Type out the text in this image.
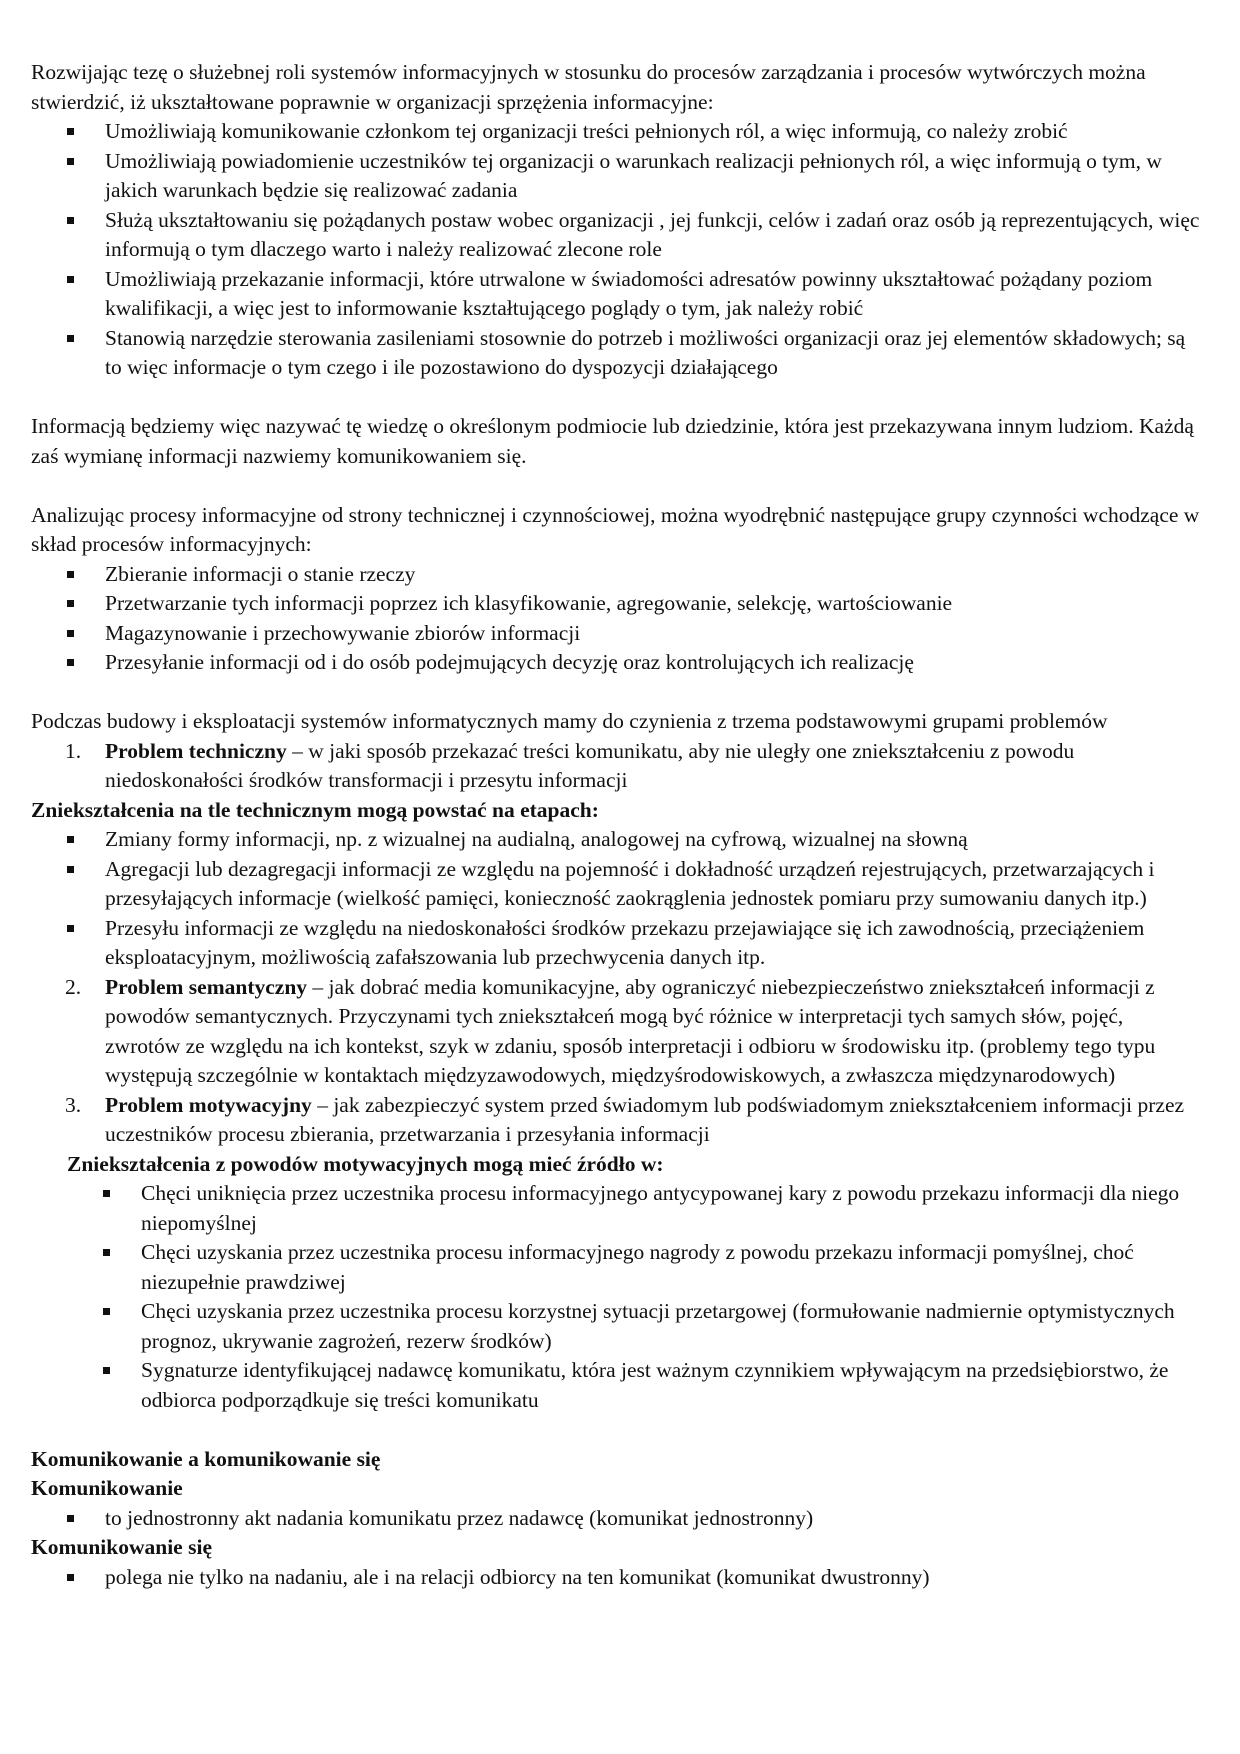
Rozwijając tezę o służebnej roli systemów informacyjnych w stosunku do procesów zarządzania i procesów wytwórczych można stwierdzić, iż ukształtowane poprawnie w organizacji sprzężenia informacyjne:

Umożliwiają komunikowanie członkom tej organizacji treści pełnionych ról, a więc informują, co należy zrobić
Umożliwiają powiadomienie uczestników tej organizacji o warunkach realizacji pełnionych ról, a więc informują o tym, w jakich warunkach będzie się realizować zadania
Służą ukształtowaniu się pożądanych postaw wobec organizacji , jej funkcji, celów i zadań oraz osób ją reprezentujących, więc informują o tym dlaczego warto i należy realizować zlecone role
Umożliwiają przekazanie informacji, które utrwalone w świadomości adresatów powinny ukształtować pożądany poziom kwalifikacji, a więc jest to informowanie kształtującego poglądy o tym, jak należy robić
Stanowią narzędzie sterowania zasileniami stosownie do potrzeb i możliwości organizacji oraz jej elementów składowych; są to więc informacje o tym czego i ile pozostawiono do dyspozycji działającego

Informacją będziemy więc nazywać tę wiedzę o określonym podmiocie lub dziedzinie, która jest przekazywana innym ludziom. Każdą zaś wymianę informacji nazwiemy komunikowaniem się.

Analizując procesy informacyjne od strony technicznej i czynnościowej, można wyodrębnić następujące grupy czynności wchodzące w skład procesów informacyjnych:

Zbieranie informacji o stanie rzeczy
Przetwarzanie tych informacji poprzez ich klasyfikowanie, agregowanie, selekcję, wartościowanie
Magazynowanie i przechowywanie zbiorów informacji
Przesyłanie informacji od i do osób podejmujących decyzję oraz kontrolujących ich realizację

Podczas budowy i eksploatacji systemów informatycznych mamy do czynienia z trzema podstawowymi grupami problemów

1. Problem techniczny – w jaki sposób przekazać treści komunikatu, aby nie uległy one zniekształceniu z powodu niedoskonałości środków transformacji i przesytu informacji

Zniekształcenia na tle technicznym mogą powstać na etapach:

Zmiany formy informacji, np. z wizualnej na audialną, analogowej na cyfrową, wizualnej na słowną
Agregacji lub dezagregacji informacji ze względu na pojemność i dokładność urządzeń rejestrujących, przetwarzających i przesyłających informacje (wielkość pamięci, konieczność zaokrąglenia jednostek pomiaru przy sumowaniu danych itp.)
Przesyłu informacji ze względu na niedoskonałości środków przekazu przejawiające się ich zawodnością, przeciążeniem eksploatacyjnym, możliwością zafałszowania lub przechwycenia danych itp.
2. Problem semantyczny – jak dobrać media komunikacyjne, aby ograniczyć niebezpieczeństwo zniekształceń informacji z powodów semantycznych. Przyczynami tych zniekształceń mogą być różnice w interpretacji tych samych słów, pojęć, zwrotów ze względu na ich kontekst, szyk w zdaniu, sposób interpretacji i odbioru w środowisku itp. (problemy tego typu występują szczególnie w kontaktach międzyzawodowych, międzyśrodowiskowych, a zwłaszcza międzynarodowych)
3. Problem motywacyjny – jak zabezpieczyć system przed świadomym lub podświadomym zniekształceniem informacji przez uczestników procesu zbierania, przetwarzania i przesyłania informacji

Zniekształcenia z powodów motywacyjnych mogą mieć źródło w:

Chęci uniknięcia przez uczestnika procesu informacyjnego antycypowanej kary z powodu przekazu informacji dla niego niepomyślnej
Chęci uzyskania przez uczestnika procesu informacyjnego nagrody z powodu przekazu informacji pomyślnej, choć niezupełnie prawdziwej
Chęci uzyskania przez uczestnika procesu korzystnej sytuacji przetargowej (formułowanie nadmiernie optymistycznych prognoz, ukrywanie zagrożeń, rezerw środków)
Sygnaturze identyfikującej nadawcę komunikatu, która jest ważnym czynnikiem wpływającym na przedsiębiorstwo, że odbiorca podporządkuje się treści komunikatu

Komunikowanie a komunikowanie się

Komunikowanie

to jednostronny akt nadania komunikatu przez nadawcę (komunikat jednostronny)

Komunikowanie się

polega nie tylko na nadaniu, ale i na relacji odbiorcy na ten komunikat (komunikat dwustronny)
